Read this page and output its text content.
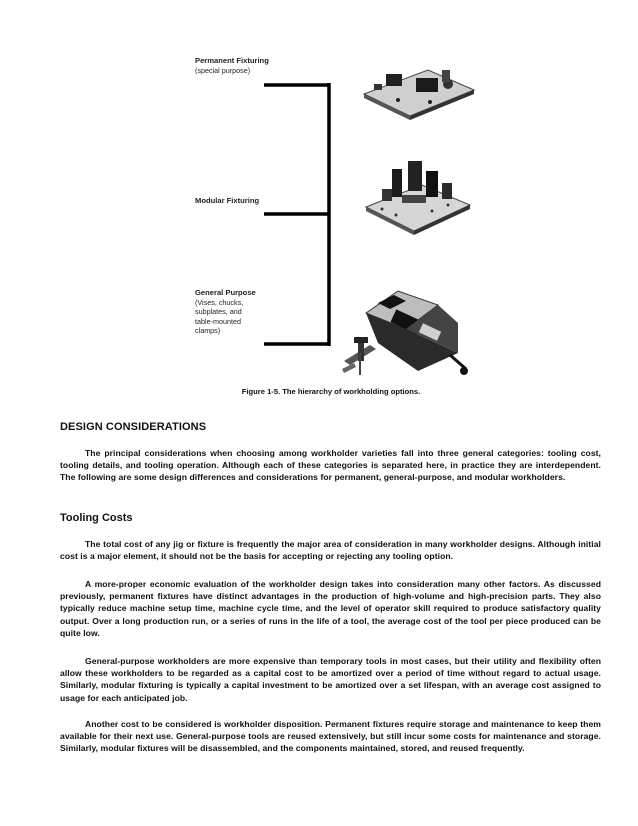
Permanent Fixturing
(special purpose)
Modular Fixturing
General Purpose
(Vises, chucks,
subplates, and
table-mounted
clamps)
Figure 1-5. The hierarchy of workholding options.
DESIGN CONSIDERATIONS

The principal considerations when choosing among workholder varieties fall into three general categories: tooling cost, tooling details, and tooling operation. Although each of these categories is separated here, in practice they are interdependent. The following are some design differences and considerations for permanent, general-purpose, and modular workholders.

Tooling Costs

The total cost of any jig or fixture is frequently the major area of consideration in many workholder designs. Although initial cost is a major element, it should not be the basis for accepting or rejecting any tooling option.

A more-proper economic evaluation of the workholder design takes into consideration many other factors. As discussed previously, permanent fixtures have distinct advantages in the production of high-volume and high-precision parts. They also typically reduce machine setup time, machine cycle time, and the level of operator skill required to produce satisfactory quality output. Over a long production run, or a series of runs in the life of a tool, the average cost of the tool per piece produced can be quite low.

General-purpose workholders are more expensive than temporary tools in most cases, but their utility and flexibility often allow these workholders to be regarded as a capital cost to be amortized over a period of time without regard to actual usage. Similarly, modular fixturing is typically a capital investment to be amortized over a set lifespan, with an average cost assigned to usage for each anticipated job.

Another cost to be considered is workholder disposition. Permanent fixtures require storage and maintenance to keep them available for their next use. General-purpose tools are reused extensively, but still incur some costs for maintenance and storage. Similarly, modular fixtures will be disassembled, and the components maintained, stored, and reused frequently.
